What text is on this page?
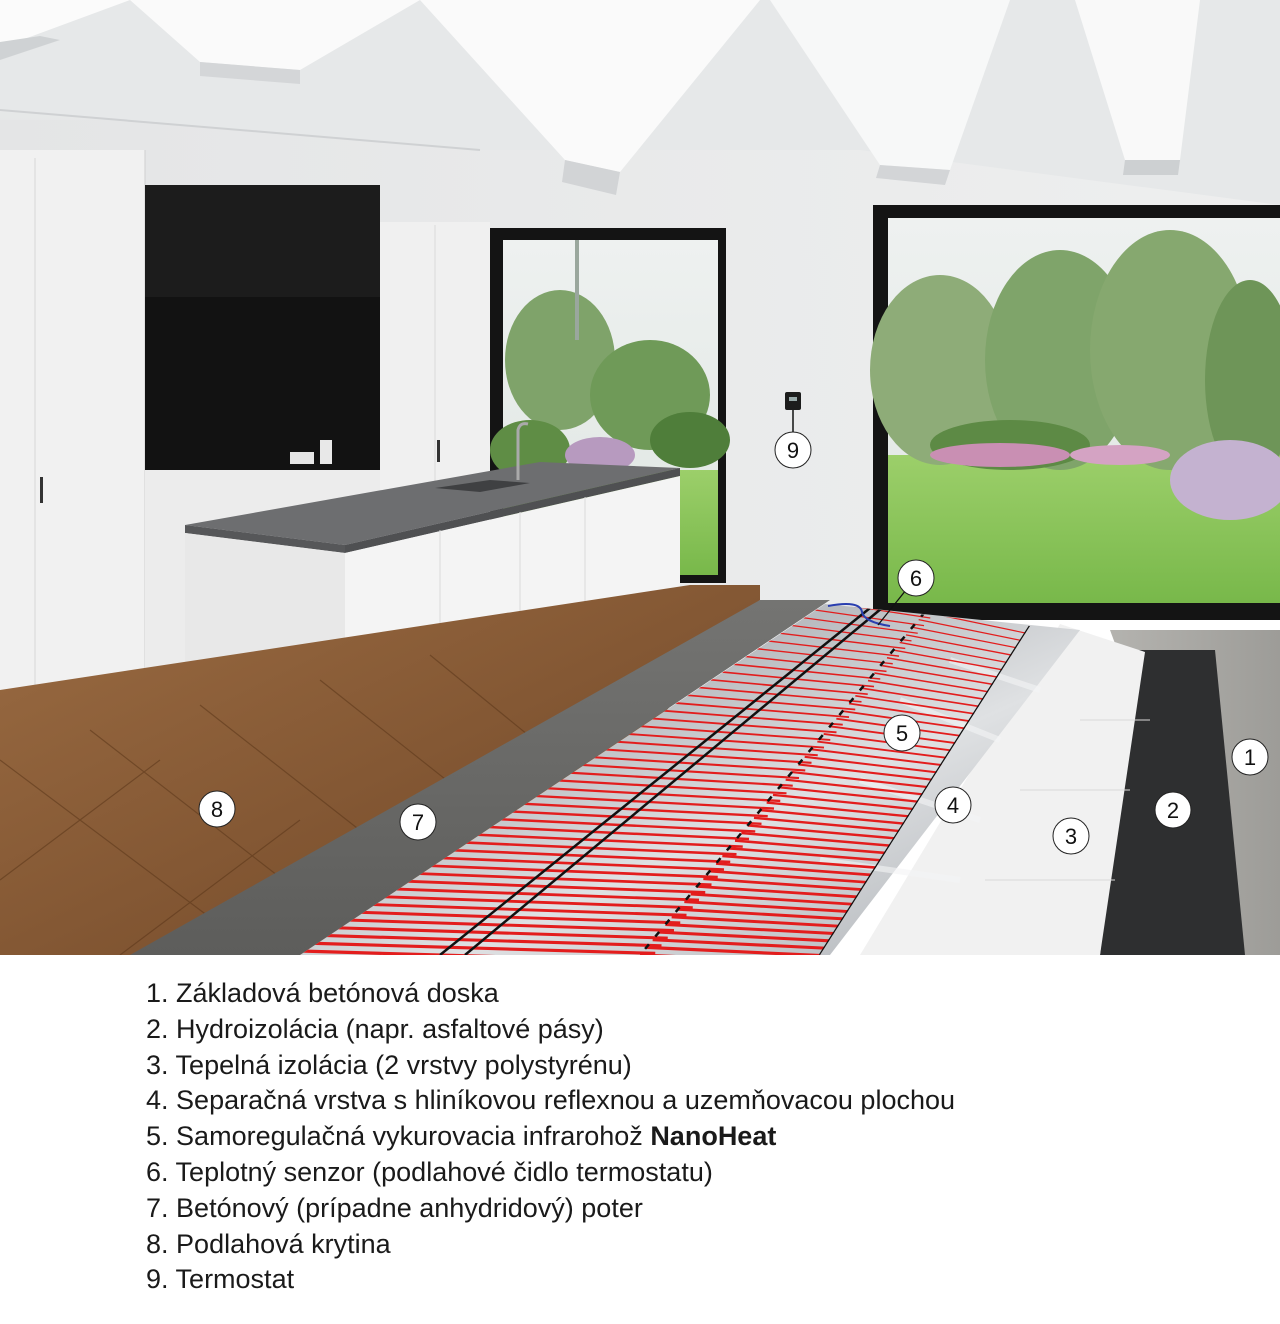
1
2
3
4
5
6
7
8
9
1. Základová betónová doska
2. Hydroizolácia (napr. asfaltové pásy)
3. Tepelná izolácia (2 vrstvy polystyrénu)
4. Separačná vrstva s hliníkovou reflexnou a uzemňovacou plochou
5. Samoregulačná vykurovacia infrarohož NanoHeat
6. Teplotný senzor (podlahové čidlo termostatu)
7. Betónový (prípadne anhydridový) poter
8. Podlahová krytina
9. Termostat
